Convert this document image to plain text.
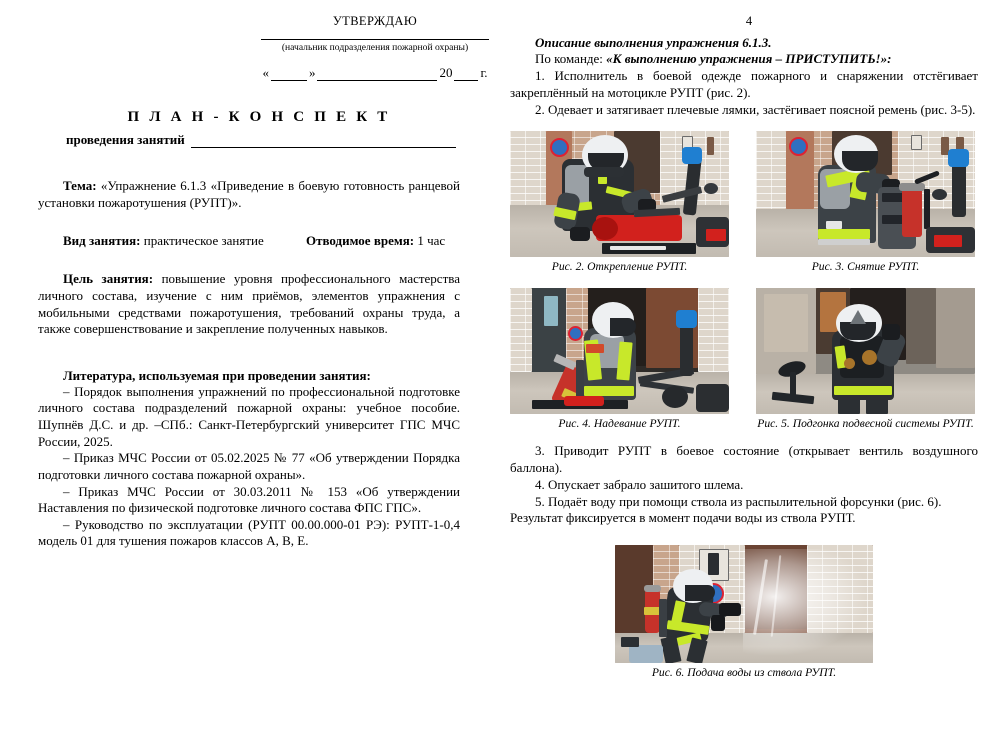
УТВЕРЖДАЮ
(начальник подразделения пожарной охраны)
«	»	20 г.
П Л А Н - К О Н С П Е К Т
проведения занятий

Тема: «Упражнение 6.1.3 «Приведение в боевую готовность ранцевой установки пожаротушения (РУПТ)».

Вид занятия: практическое занятие	Отводимое время: 1 час

Цель занятия: повышение уровня профессионального мастерства личного состава, изучение с ним приёмов, элементов упражнения с мобильными средствами пожаротушения, требований охраны труда, а также совершенствование и закрепление полученных навыков.

Литература, используемая при проведении занятия:

– Порядок выполнения упражнений по профессиональной подготовке личного состава подразделений пожарной охраны: учебное пособие. Шупнёв Д.С. и др. –СПб.: Санкт-Петербургский университет ГПС МЧС России, 2025.

– Приказ МЧС России от 05.02.2025 № 77 «Об утверждении Порядка подготовки личного состава пожарной охраны».

– Приказ МЧС России от 30.03.2011 № 153 «Об утверждении Наставления по физической подготовке личного состава ФПС ГПС».

– Руководство по эксплуатации (РУПТ 00.00.000-01 РЭ): РУПТ-1-0,4 модель 01 для тушения пожаров классов А, В, Е.

4

Описание выполнения упражнения 6.1.3.

По команде: «К выполнению упражнения – ПРИСТУПИТЬ!»:

1. Исполнитель в боевой одежде пожарного и снаряжении отстёгивает закреплённый на мотоцикле РУПТ (рис. 2).

2. Одевает и затягивает плечевые лямки, застёгивает поясной ремень (рис. 3-5).

Рис. 2. Открепление РУПТ.	Рис. 3. Снятие РУПТ.
Рис. 4. Надевание РУПТ.	Рис. 5. Подгонка подвесной системы РУПТ.

3. Приводит РУПТ в боевое состояние (открывает вентиль воздушного баллона).

4. Опускает забрало зашитого шлема.

5. Подаёт воду при помощи ствола из распылительной форсунки (рис. 6).

Результат фиксируется в момент подачи воды из ствола РУПТ.

Рис. 6. Подача воды из ствола РУПТ.
